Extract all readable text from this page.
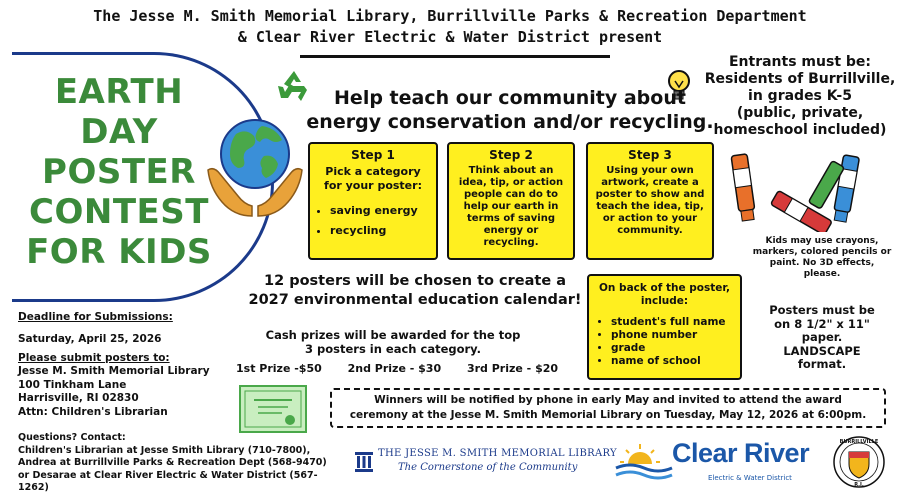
The Jesse M. Smith Memorial Library, Burrillville Parks & Recreation Department
& Clear River Electric & Water District present
EARTH DAY
POSTER
CONTEST
FOR KIDS
Help teach our community about
energy conservation and/or recycling.
Entrants must be:
Residents of Burrillville,
in grades K-5
(public, private,
homeschool included)
Step 1
Pick a category for your poster:
• saving energy
• recycling
Step 2
Think about an idea, tip, or action people can do to help our earth in terms of saving energy or recycling.
Step 3
Using your own artwork, create a poster to show and teach the idea, tip, or action to your community.
Kids may use crayons, markers, colored pencils or paint. No 3D effects, please.
12 posters will be chosen to create a
2027 environmental education calendar!
On back of the poster, include:
• student's full name
• phone number
• grade
• name of school
Posters must be
on 8 1/2" x 11"
paper.
LANDSCAPE
format.
Deadline for Submissions:
Saturday, April 25, 2026
Please submit posters to:
Jesse M. Smith Memorial Library
100 Tinkham Lane
Harrisville, RI 02830
Attn: Children's Librarian
Cash prizes will be awarded for the top
3 posters in each category.
1st Prize -$50 2nd Prize - $30 3rd Prize - $20
Winners will be notified by phone in early May and invited to attend the award
ceremony at the Jesse M. Smith Memorial Library on Tuesday, May 12, 2026 at 6:00pm.
Questions? Contact:
Children's Librarian at Jesse Smith Library (710-7800),
Andrea at Burrillville Parks & Recreation Dept (568-9470)
or Desarae at Clear River Electric & Water District (567-1262)
THE JESSE M. SMITH MEMORIAL LIBRARY
The Cornerstone of the Community	Clear River
Electric & Water District
BURRILLVILLE
R.I.
